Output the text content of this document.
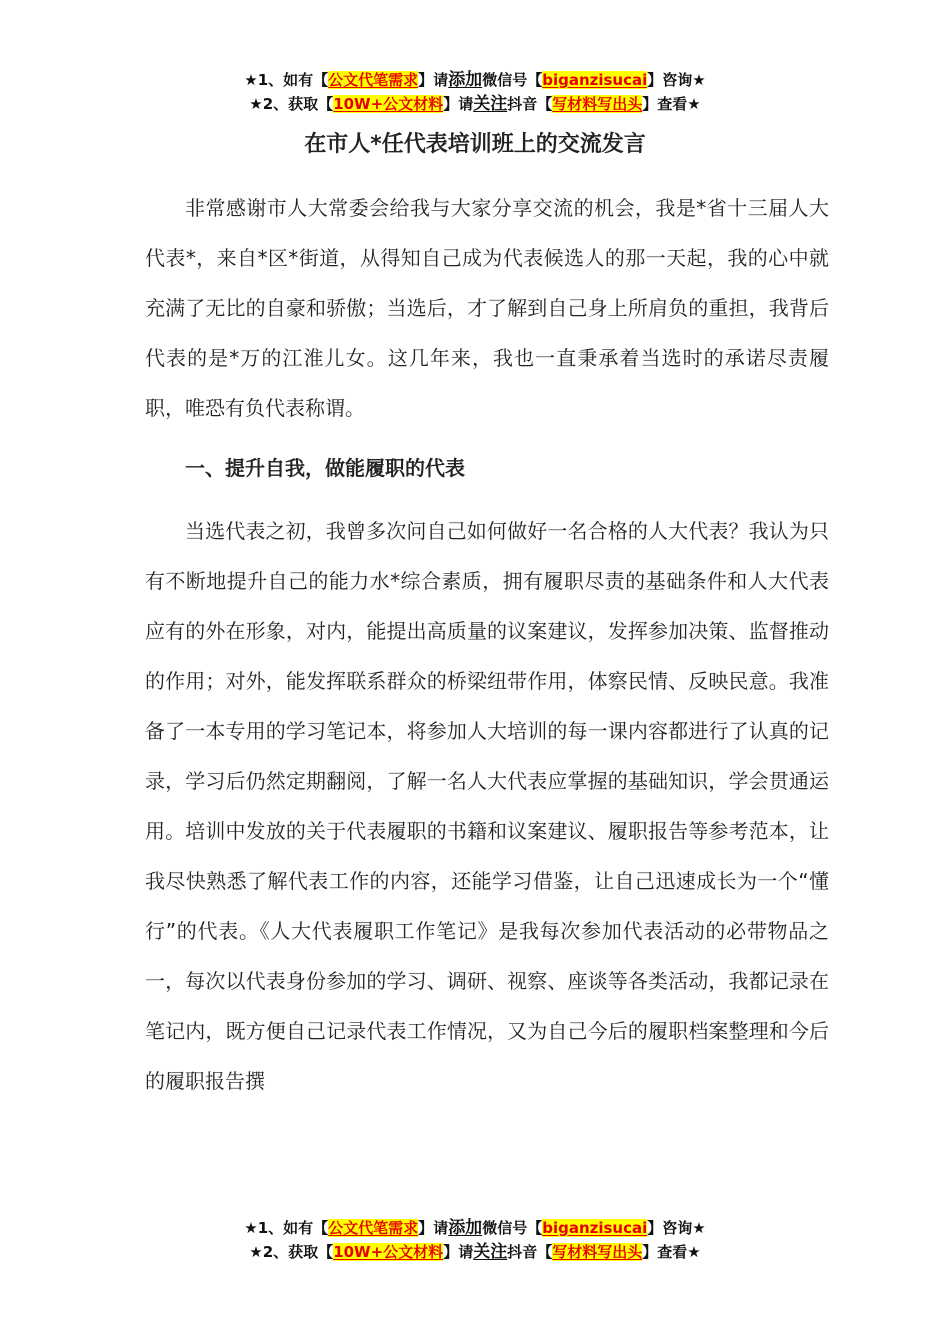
★1、如有【公文代笔需求】请添加微信号【biganzisucai】咨询★
★2、获取【10W+公文材料】请关注抖音【写材料写出头】查看★
在市人*任代表培训班上的交流发言

非常感谢市人大常委会给我与大家分享交流的机会，我是*省十三届人大代表*，来自*区*街道，从得知自己成为代表候选人的那一天起，我的心中就充满了无比的自豪和骄傲；当选后，才了解到自己身上所肩负的重担，我背后代表的是*万的江淮儿女。这几年来，我也一直秉承着当选时的承诺尽责履职，唯恐有负代表称谓。

一、提升自我，做能履职的代表

当选代表之初，我曾多次问自己如何做好一名合格的人大代表？我认为只有不断地提升自己的能力水*综合素质，拥有履职尽责的基础条件和人大代表应有的外在形象，对内，能提出高质量的议案建议，发挥参加决策、监督推动的作用；对外，能发挥联系群众的桥梁纽带作用，体察民情、反映民意。我准备了一本专用的学习笔记本，将参加人大培训的每一课内容都进行了认真的记录，学习后仍然定期翻阅，了解一名人大代表应掌握的基础知识，学会贯通运用。培训中发放的关于代表履职的书籍和议案建议、履职报告等参考范本，让我尽快熟悉了解代表工作的内容，还能学习借鉴，让自己迅速成长为一个“懂行”的代表。《人大代表履职工作笔记》是我每次参加代表活动的必带物品之一，每次以代表身份参加的学习、调研、视察、座谈等各类活动，我都记录在笔记内，既方便自己记录代表工作情况，又为自己今后的履职档案整理和今后的履职报告撰

★1、如有【公文代笔需求】请添加微信号【biganzisucai】咨询★
★2、获取【10W+公文材料】请关注抖音【写材料写出头】查看★
